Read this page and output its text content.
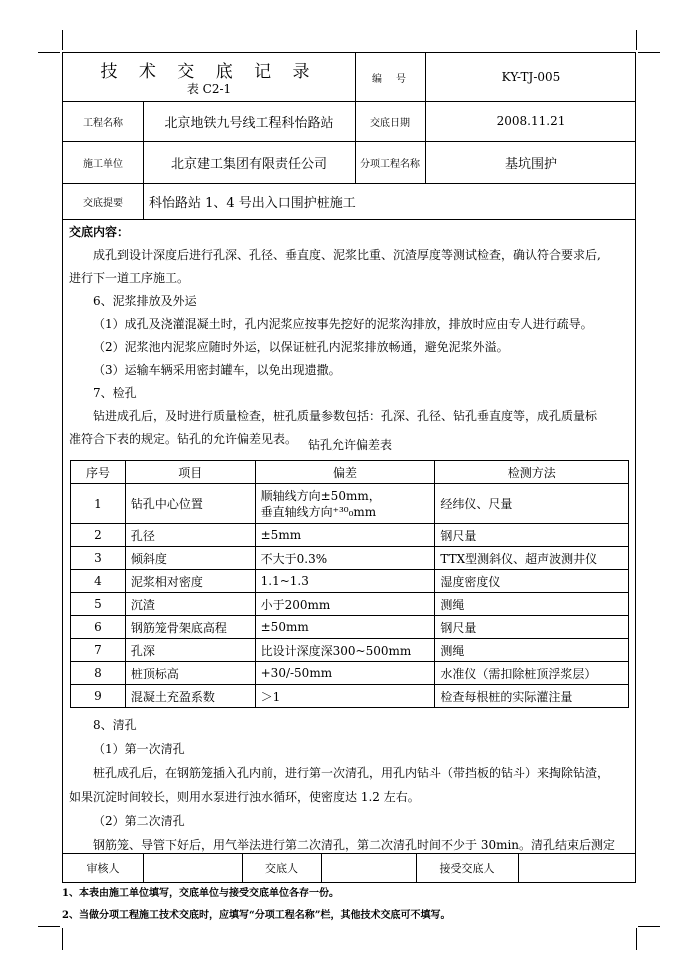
技 术 交 底 记 录
表 C2-1
编　号	KY-TJ-005
工程名称	北京地铁九号线工程科怡路站	交底日期	2008.11.21
施工单位	北京建工集团有限责任公司	分项工程名称	基坑围护
交底提要	科怡路站 1、4 号出入口围护桩施工
交底内容：
成孔到设计深度后进行孔深、孔径、垂直度、泥浆比重、沉渣厚度等测试检查，确认符合要求后,
进行下一道工序施工。
6、泥浆排放及外运
（1）成孔及浇灌混凝土时，孔内泥浆应按事先挖好的泥浆沟排放，排放时应由专人进行疏导。
（2）泥浆池内泥浆应随时外运，以保证桩孔内泥浆排放畅通，避免泥浆外溢。
（3）运输车辆采用密封罐车，以免出现遗撒。
7、检孔
钻进成孔后，及时进行质量检查，桩孔质量参数包括：孔深、孔径、钻孔垂直度等，成孔质量标
准符合下表的规定。钻孔的允许偏差见表。 钻孔允许偏差表
序号	项目	偏差	检测方法
1	钻孔中心位置	顺轴线方向±50mm，
垂直轴线方向⁺³⁰₀mm	经纬仪、尺量
2	孔径	±5mm	钢尺量
3	倾斜度	不大于0.3%	TTX型测斜仪、超声波测井仪
4	泥浆相对密度	1.1~1.3	湿度密度仪
5	沉渣	小于200mm	测绳
6	钢筋笼骨架底高程	±50mm	钢尺量
7	孔深	比设计深度深300~500mm	测绳
8	桩顶标高	+30/-50mm	水准仪（需扣除桩顶浮浆层）
9	混凝土充盈系数	＞1	检查每根桩的实际灌注量
8、清孔
（1）第一次清孔
桩孔成孔后，在钢筋笼插入孔内前，进行第一次清孔，用孔内钻斗（带挡板的钻斗）来掏除钻渣，
如果沉淀时间较长，则用水泵进行浊水循环，使密度达 1.2 左右。
（2）第二次清孔
钢筋笼、导管下好后，用气举法进行第二次清孔，第二次清孔时间不少于 30min。清孔结束后测定
审核人	交底人	接受交底人
1、本表由施工单位填写，交底单位与接受交底单位各存一份。
2、当做分项工程施工技术交底时，应填写“分项工程名称”栏，其他技术交底可不填写。
